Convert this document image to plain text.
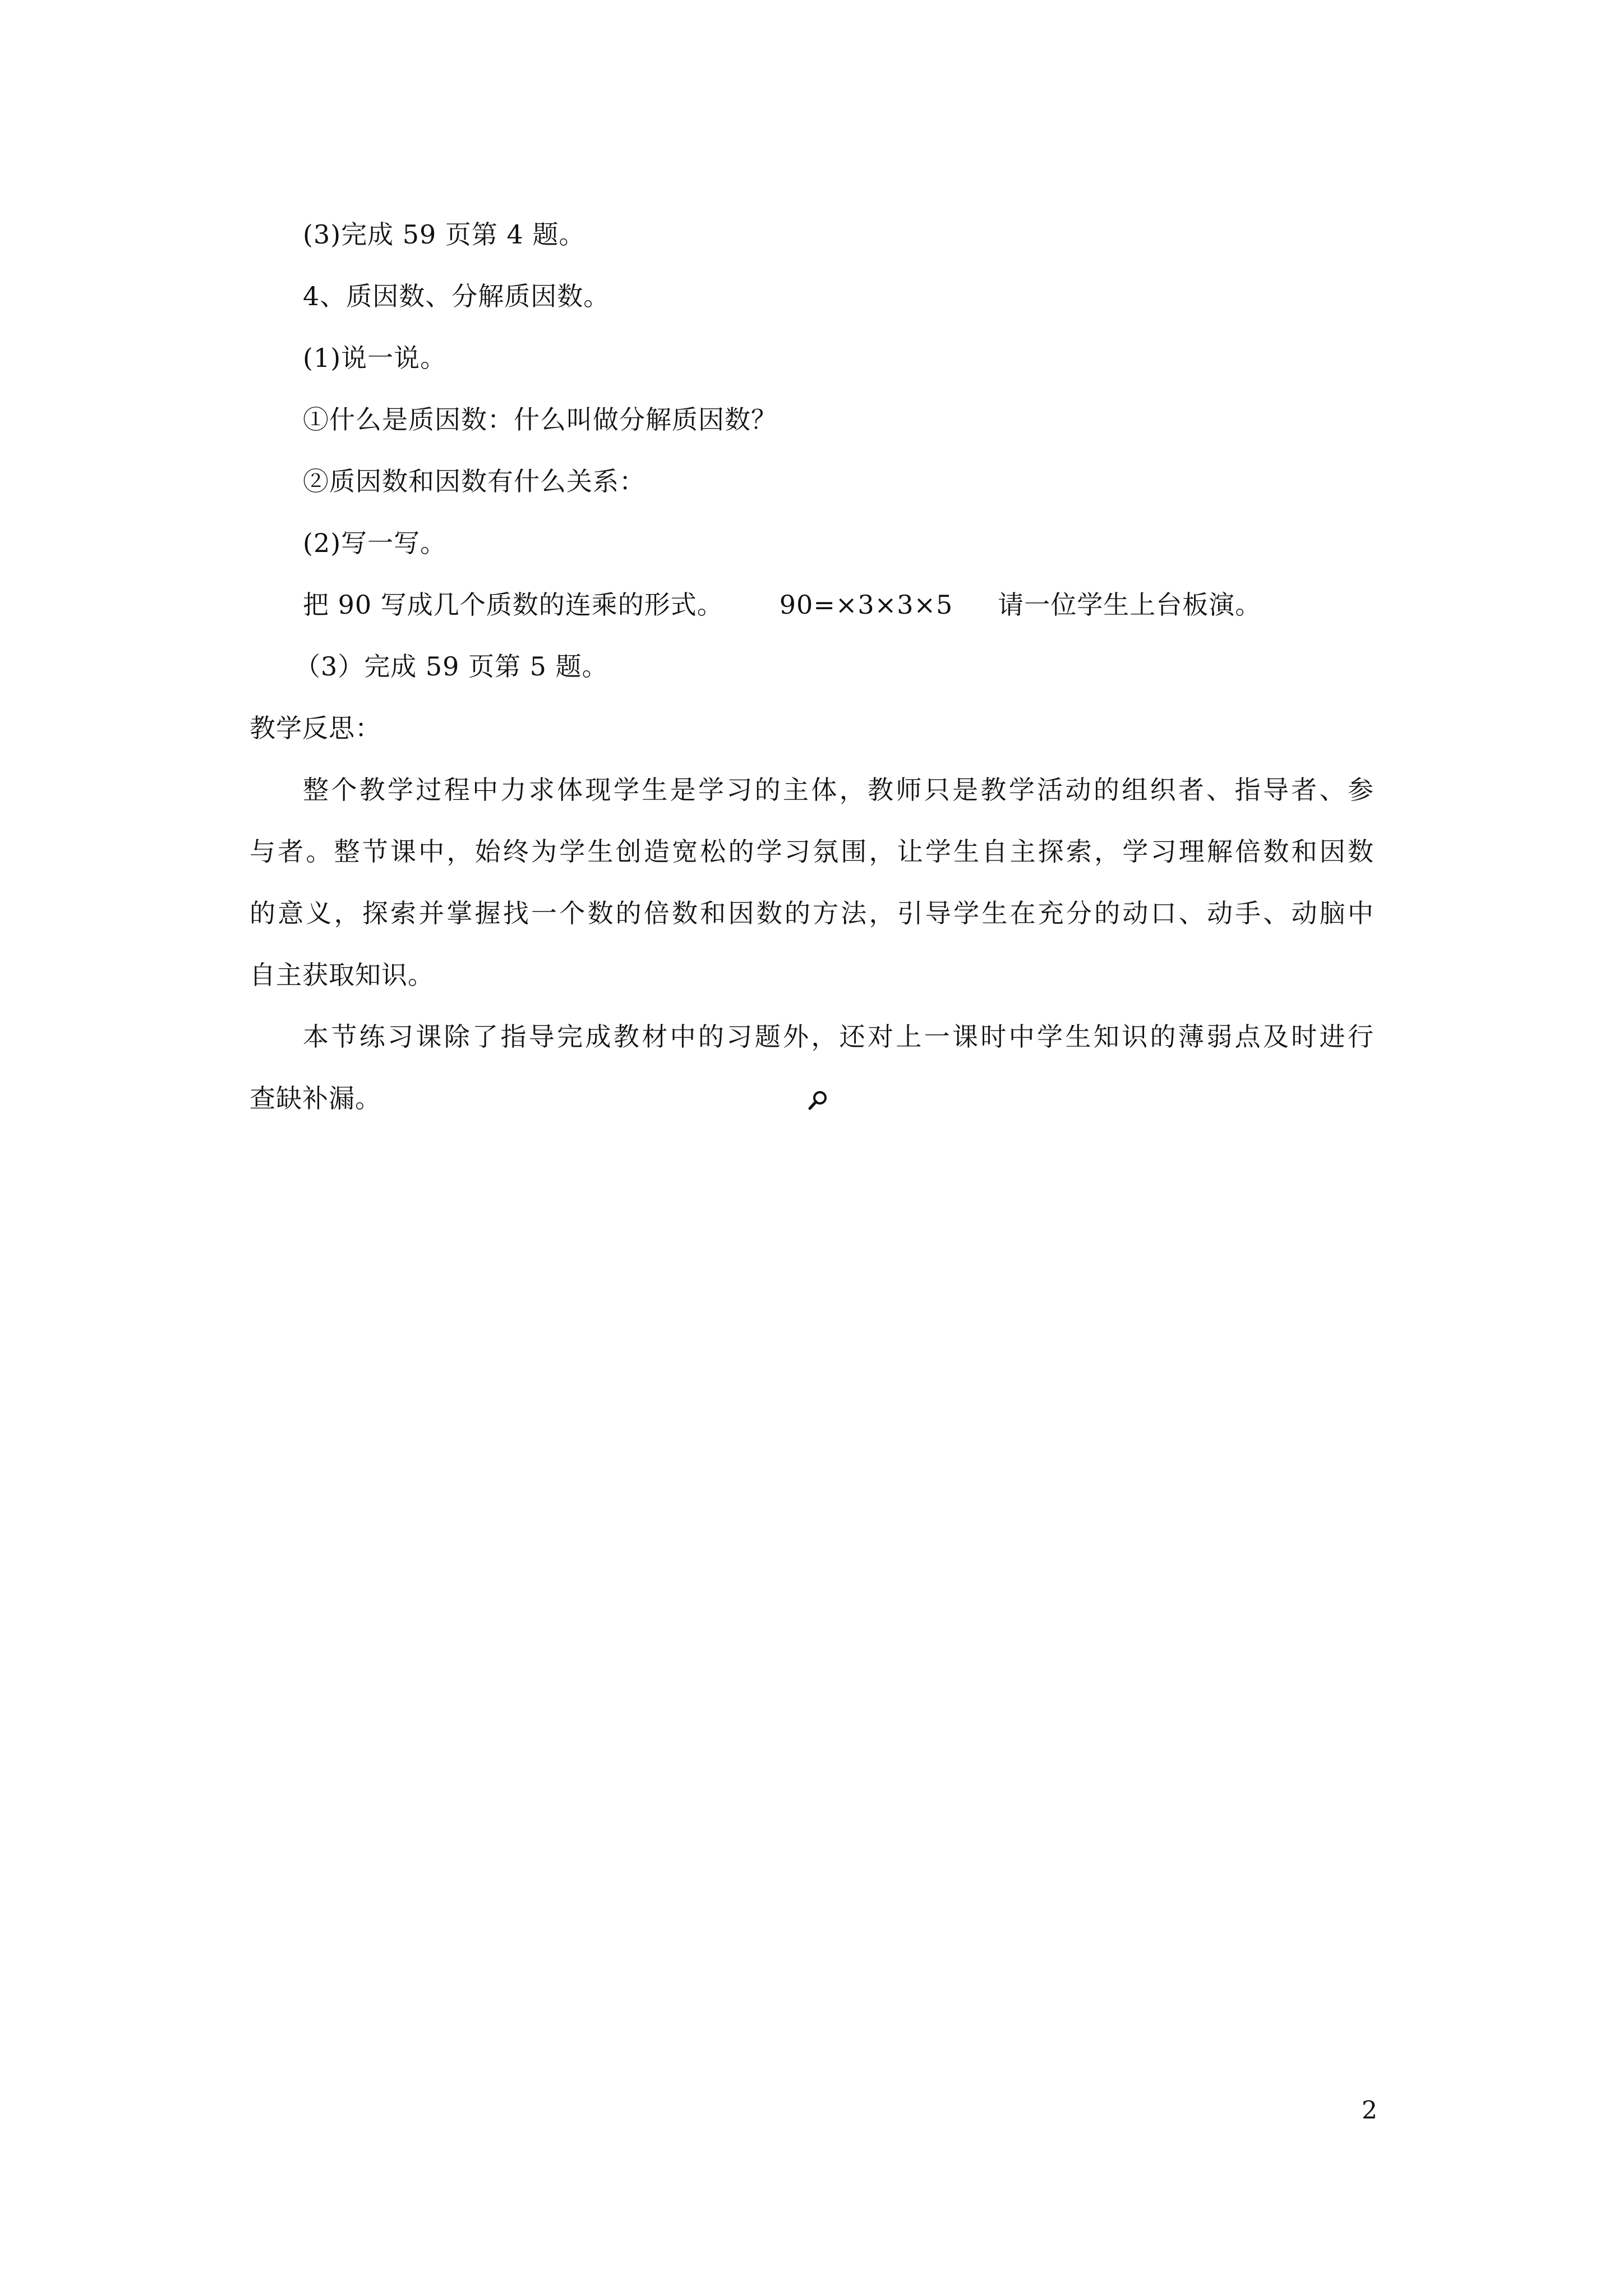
(3)完成 59 页第 4 题。
4、质因数、分解质因数。
(1)说一说。
①什么是质因数：什么叫做分解质因数？
②质因数和因数有什么关系：
(2)写一写。
把 90 写成几个质数的连乘的形式。 90=×3×3×5 请一位学生上台板演。
（3）完成 59 页第 5 题。
教学反思：
整个教学过程中力求体现学生是学习的主体，教师只是教学活动的组织者、指导者、参
与者。整节课中，始终为学生创造宽松的学习氛围，让学生自主探索，学习理解倍数和因数
的意义，探索并掌握找一个数的倍数和因数的方法，引导学生在充分的动口、动手、动脑中
自主获取知识。
本节练习课除了指导完成教材中的习题外，还对上一课时中学生知识的薄弱点及时进行
查缺补漏。
2
